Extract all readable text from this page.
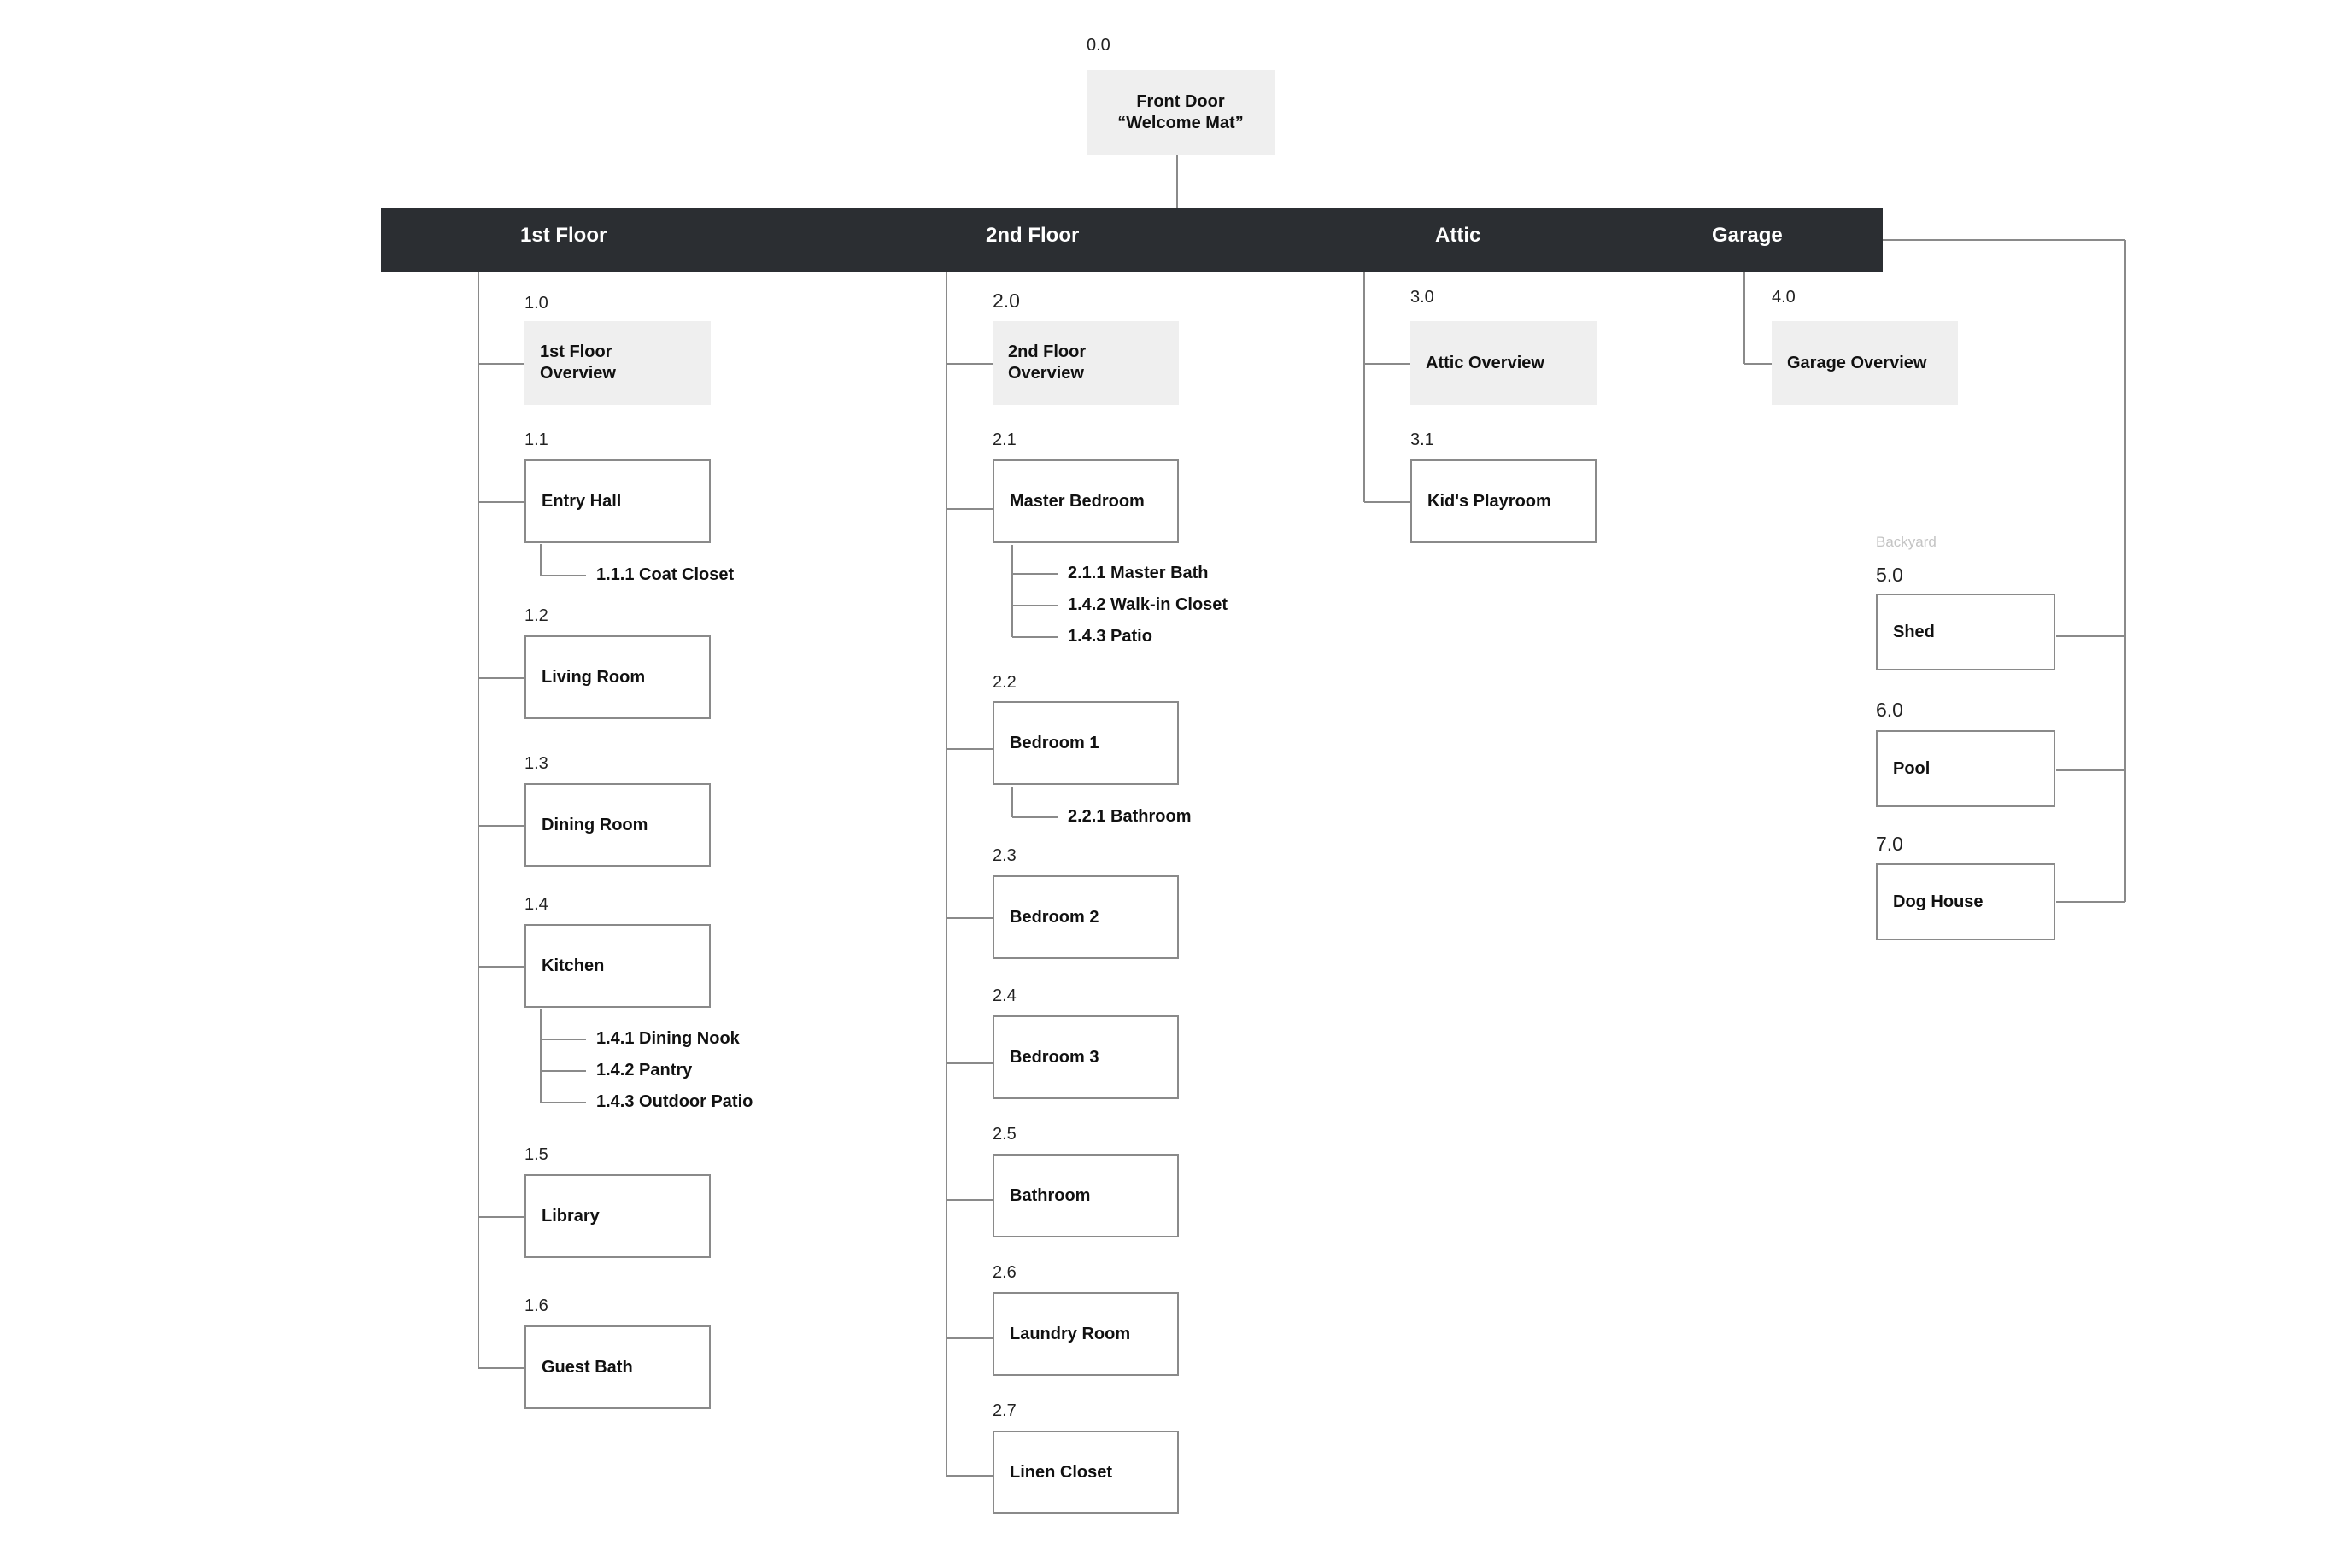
0.0
Front Door
“Welcome Mat”
1st Floor	2nd Floor	Attic	Garage
1.0
1st Floor
Overview
1.1
Entry Hall
1.1.1 Coat Closet
1.2
Living Room
1.3
Dining Room
1.4
Kitchen
1.4.1 Dining Nook
1.4.2 Pantry
1.4.3 Outdoor Patio
1.5
Library
1.6
Guest Bath
2.0
2nd Floor
Overview
2.1
Master Bedroom
2.1.1 Master Bath
1.4.2 Walk-in Closet
1.4.3 Patio
2.2
Bedroom 1
2.2.1 Bathroom
2.3
Bedroom 2
2.4
Bedroom 3
2.5
Bathroom
2.6
Laundry Room
2.7
Linen Closet
3.0
Attic Overview
3.1
Kid's Playroom
4.0
Garage Overview
Backyard
5.0
Shed
6.0
Pool
7.0
Dog House
